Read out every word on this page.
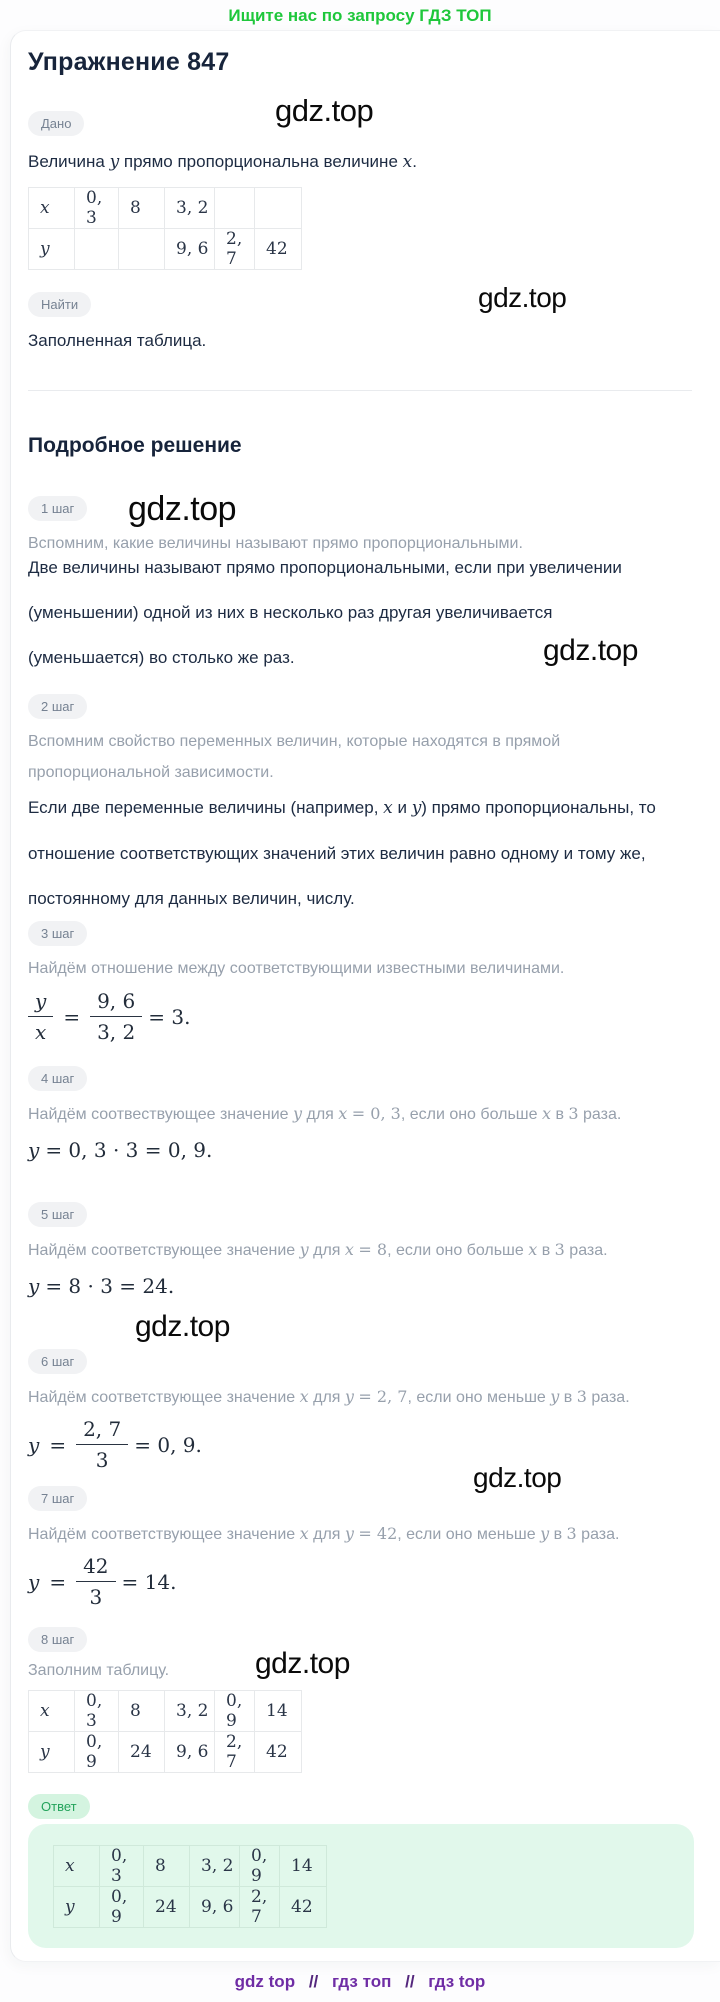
Ищите нас по запросу ГДЗ ТОП
Упражнение 847
gdz.top
gdz.top
gdz.top
gdz.top
gdz.top
gdz.top
gdz.top
Дано
Величина y прямо пропорциональна величине x.
x	0, 3	8	3, 2		
y			9, 6	2, 7	42
Найти
Заполненная таблица.
Подробное решение
1 шаг
Вспомним, какие величины называют прямо пропорциональными.
Две величины называют прямо пропорциональными, если при увеличении
(уменьшении) одной из них в несколько раз другая увеличивается
(уменьшается) во столько же раз.
2 шаг
Вспомним свойство переменных величин, которые находятся в прямой
пропорциональной зависимости.
Если две переменные величины (например, x и y) прямо пропорциональны, то
отношение соответствующих значений этих величин равно одному и тому же,
постоянному для данных величин, числу.
3 шаг
Найдём отношение между соответствующими известными величинами.
$\frac{y}{x} = \frac{9, 6}{3, 2} = 3$.
4 шаг
Найдём соотвествующее значение y для x = 0, 3, если оно больше x в 3 раза.
y = 0, 3 · 3 = 0, 9.
5 шаг
Найдём соответствующее значение y для x = 8, если оно больше x в 3 раза.
y = 8 · 3 = 24.
6 шаг
Найдём соответствующее значение x для y = 2, 7, если оно меньше y в 3 раза.
$y = \frac{2, 7}{3} = 0$, 9.
7 шаг
Найдём соответствующее значение x для y = 42, если оно меньше y в 3 раза.
$y = \frac{42}{3} = 14$.
8 шаг
Заполним таблицу.
x	0, 3	8	3, 2	0, 9	14
y	0, 9	24	9, 6	2, 7	42
Ответ
x	0, 3	8	3, 2	0, 9	14
y	0, 9	24	9, 6	2, 7	42
gdz top // гдз топ // гдз top
